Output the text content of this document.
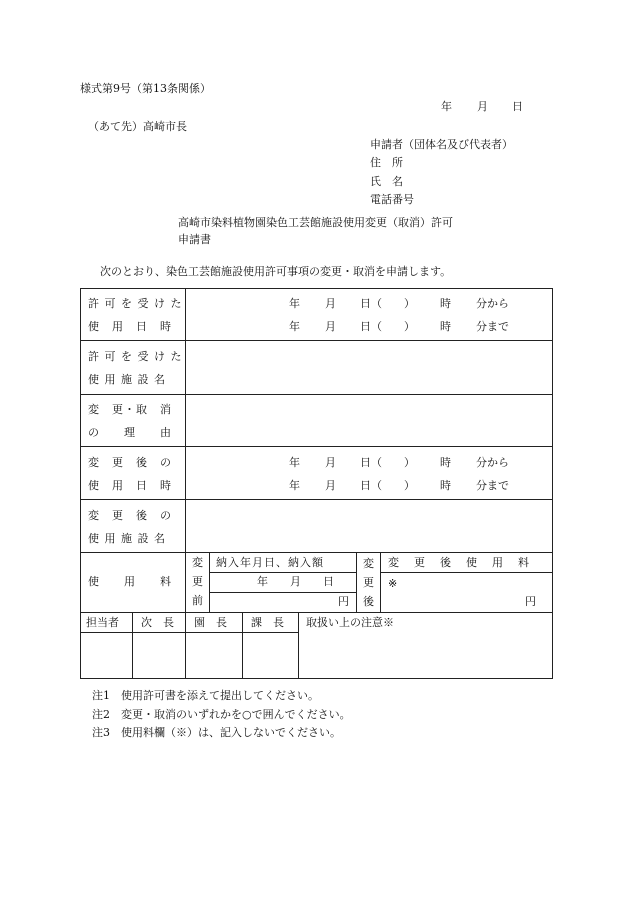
様式第9号（第13条関係）
年 月 日
（あて先）高崎市長
申請者（団体名及び代表者）
住　所
氏　名
電話番号
高崎市染料植物園染色工芸館施設使用変更（取消）許可
申請書
次のとおり、染色工芸館施設使用許可事項の変更・取消を申請します。
許 可 を 受 け た
使　用　日　時
年 月 日（　　） 時 分から
年 月 日（　　） 時 分まで
許 可 を 受 け た
使 用 施 設 名
変　更・取　消
の　　理　　由
変　更　後　の
使　用　日　時
年 月 日（　　） 時 分から
年 月 日（　　） 時 分まで
変　更　後　の
使 用 施 設 名
使　　用　　料
変
更
前
納入年月日、納入額
年　　月　　日
円
変
更
後
変　更　後　使　用　料
※
円
担当者 次　長 園　長 課　長 取扱い上の注意※
注1　使用許可書を添えて提出してください。
注2　変更・取消のいずれかを○で囲んでください。
注3　使用料欄（※）は、記入しないでください。
